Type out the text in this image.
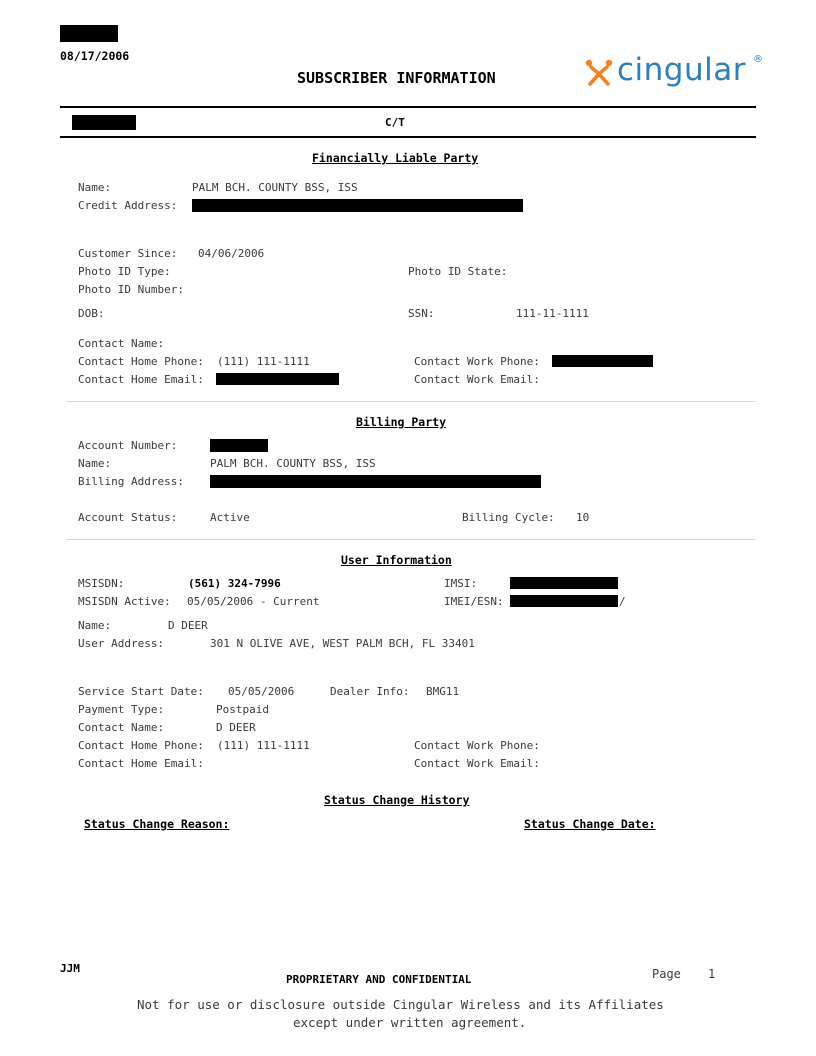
08/17/2006
SUBSCRIBER INFORMATION	cingular ®
C/T
Financially Liable Party
Name:	PALM BCH. COUNTY BSS, ISS
Credit Address:
Customer Since: 04/06/2006
Photo ID Type:	Photo ID State:
Photo ID Number:
DOB:	SSN:	111-11-1111
Contact Name:
Contact Home Phone: (111) 111-1111	Contact Work Phone:
Contact Home Email:	Contact Work Email:
Billing Party
Account Number:
Name:	PALM BCH. COUNTY BSS, ISS
Billing Address:
Account Status:	Active	Billing Cycle: 10
User Information
MSISDN:	(561) 324-7996	IMSI:
MSISDN Active: 05/05/2006 - Current	IMEI/ESN:	/
Name:	D DEER
User Address:	301 N OLIVE AVE, WEST PALM BCH, FL 33401
Service Start Date: 05/05/2006	Dealer Info: BMG11
Payment Type:	Postpaid
Contact Name:	D DEER
Contact Home Phone: (111) 111-1111	Contact Work Phone:
Contact Home Email:	Contact Work Email:
Status Change History
Status Change Reason:	Status Change Date:
JJM
PROPRIETARY AND CONFIDENTIAL	Page 1
Not for use or disclosure outside Cingular Wireless and its Affiliates
except under written agreement.
